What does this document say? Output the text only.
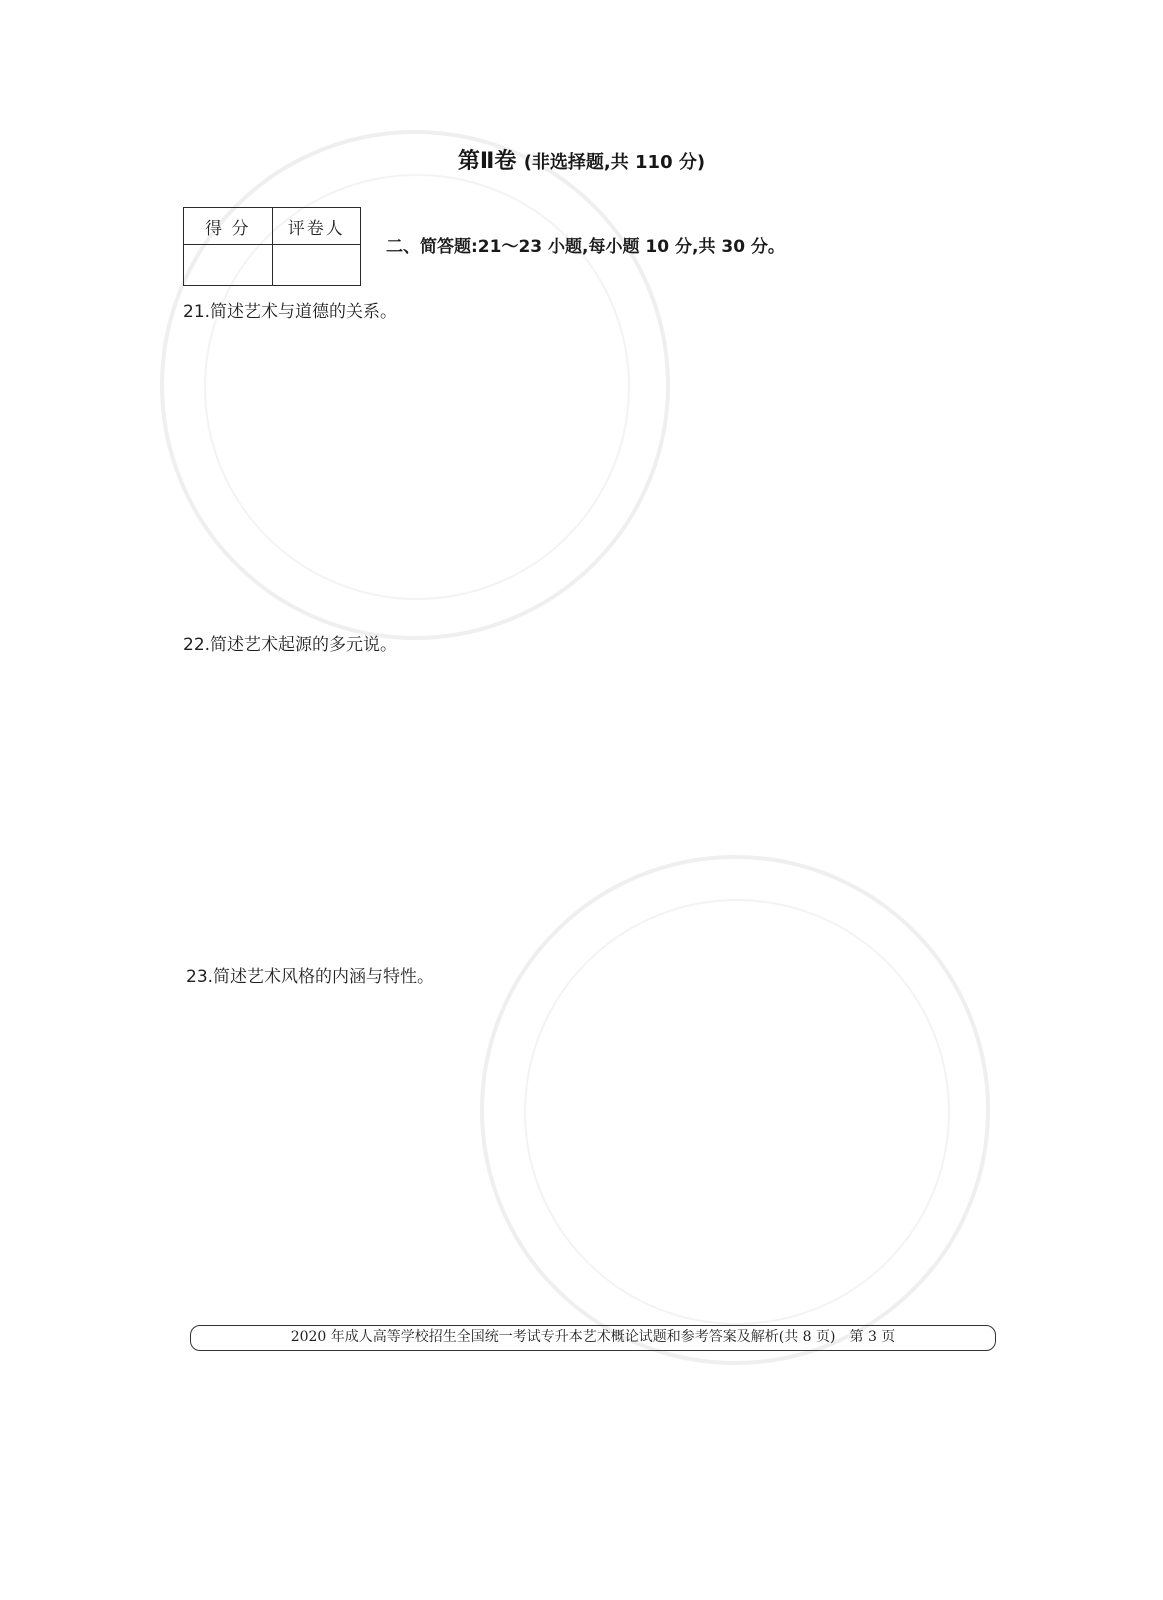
第Ⅱ卷 (非选择题,共 110 分)
得 分	评卷人

二、简答题:21～23 小题,每小题 10 分,共 30 分。
21.简述艺术与道德的关系。
22.简述艺术起源的多元说。
23.简述艺术风格的内涵与特性。
2020 年成人高等学校招生全国统一考试专升本艺术概论试题和参考答案及解析(共 8 页)　第 3 页
